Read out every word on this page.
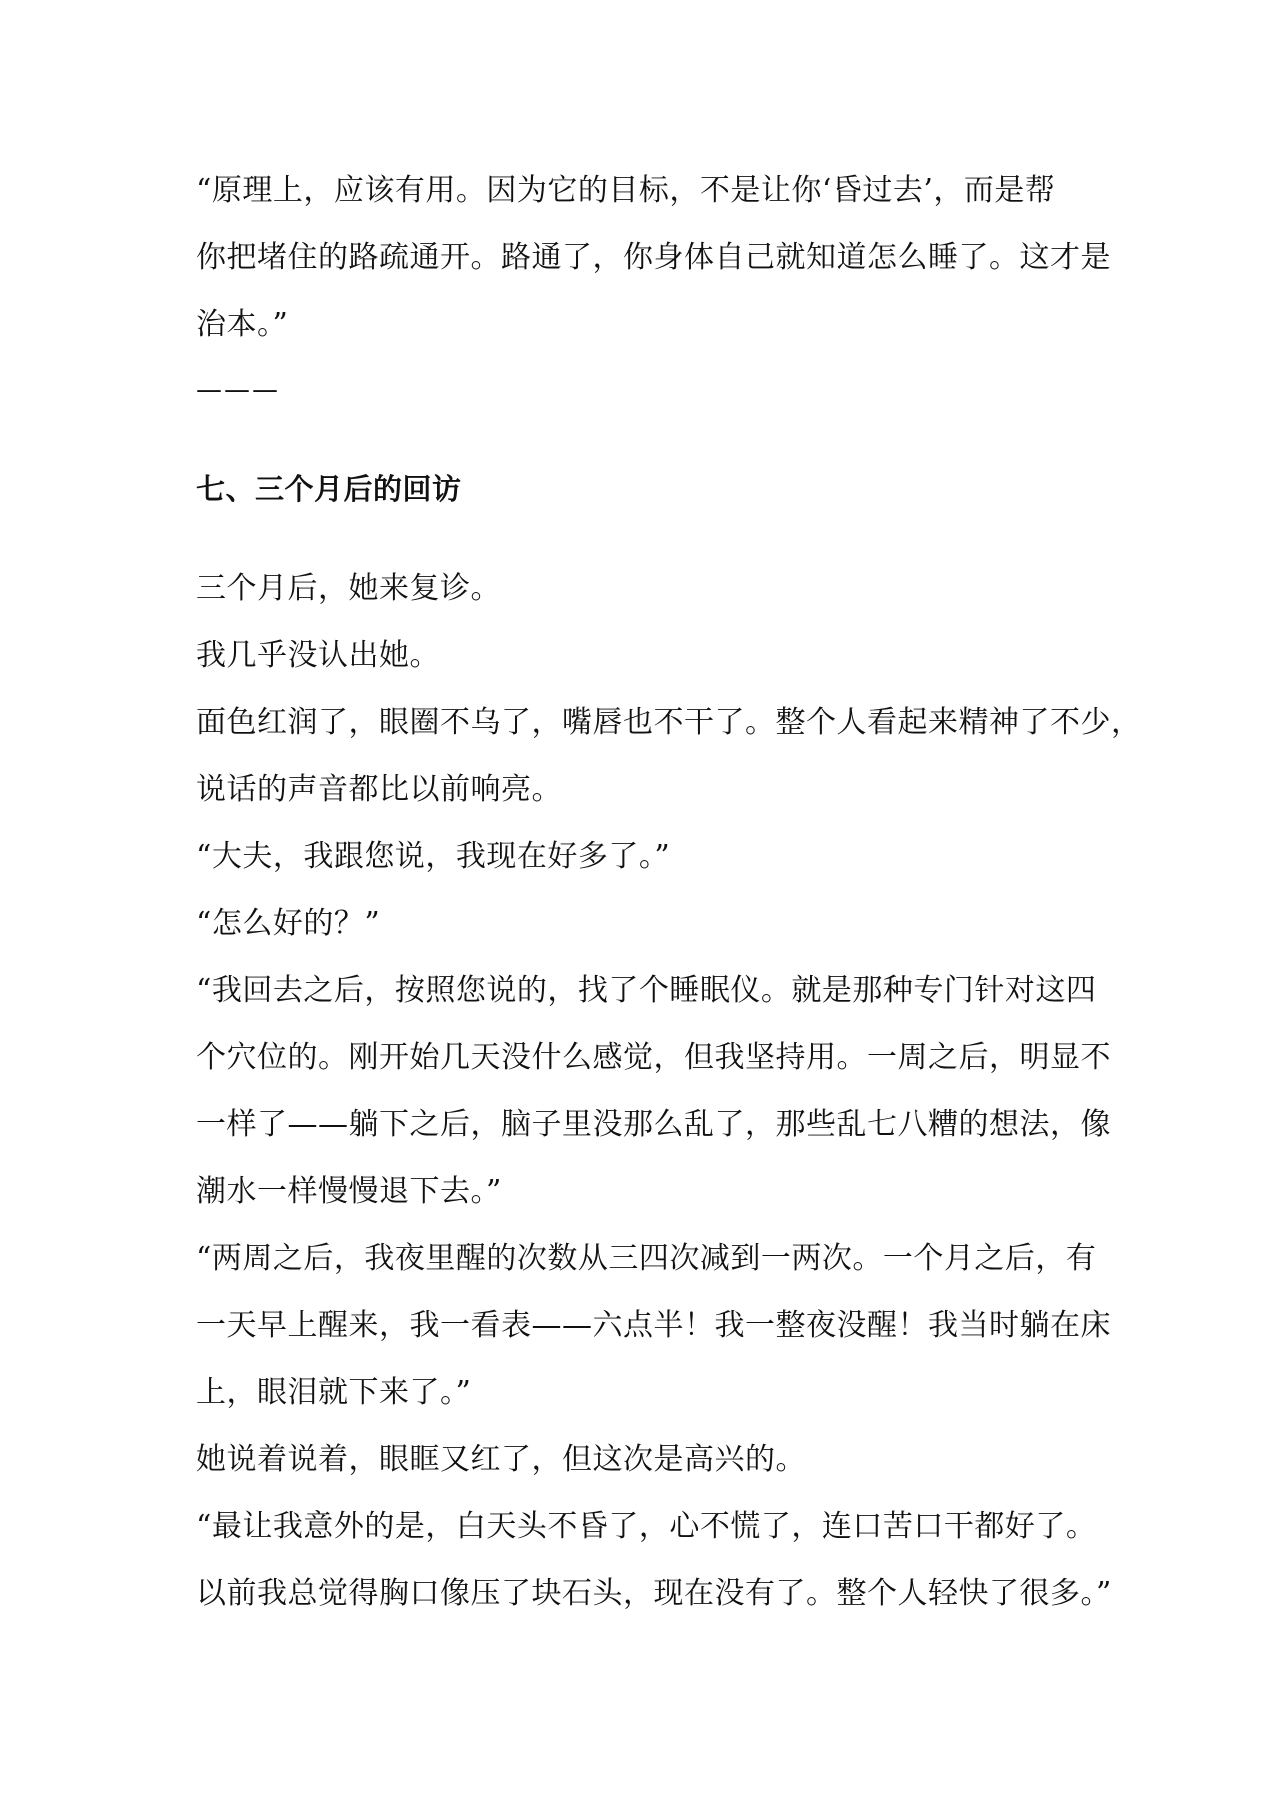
“原理上，应该有用。因为它的目标，不是让你‘昏过去’，而是帮
你把堵住的路疏通开。路通了，你身体自己就知道怎么睡了。这才是
治本。”
———
七、三个月后的回访
三个月后，她来复诊。
我几乎没认出她。
面色红润了，眼圈不乌了，嘴唇也不干了。整个人看起来精神了不少，
说话的声音都比以前响亮。
“大夫，我跟您说，我现在好多了。”
“怎么好的？”
“我回去之后，按照您说的，找了个睡眠仪。就是那种专门针对这四
个穴位的。刚开始几天没什么感觉，但我坚持用。一周之后，明显不
一样了——躺下之后，脑子里没那么乱了，那些乱七八糟的想法，像
潮水一样慢慢退下去。”
“两周之后，我夜里醒的次数从三四次减到一两次。一个月之后，有
一天早上醒来，我一看表——六点半！我一整夜没醒！我当时躺在床
上，眼泪就下来了。”
她说着说着，眼眶又红了，但这次是高兴的。
“最让我意外的是，白天头不昏了，心不慌了，连口苦口干都好了。
以前我总觉得胸口像压了块石头，现在没有了。整个人轻快了很多。”
